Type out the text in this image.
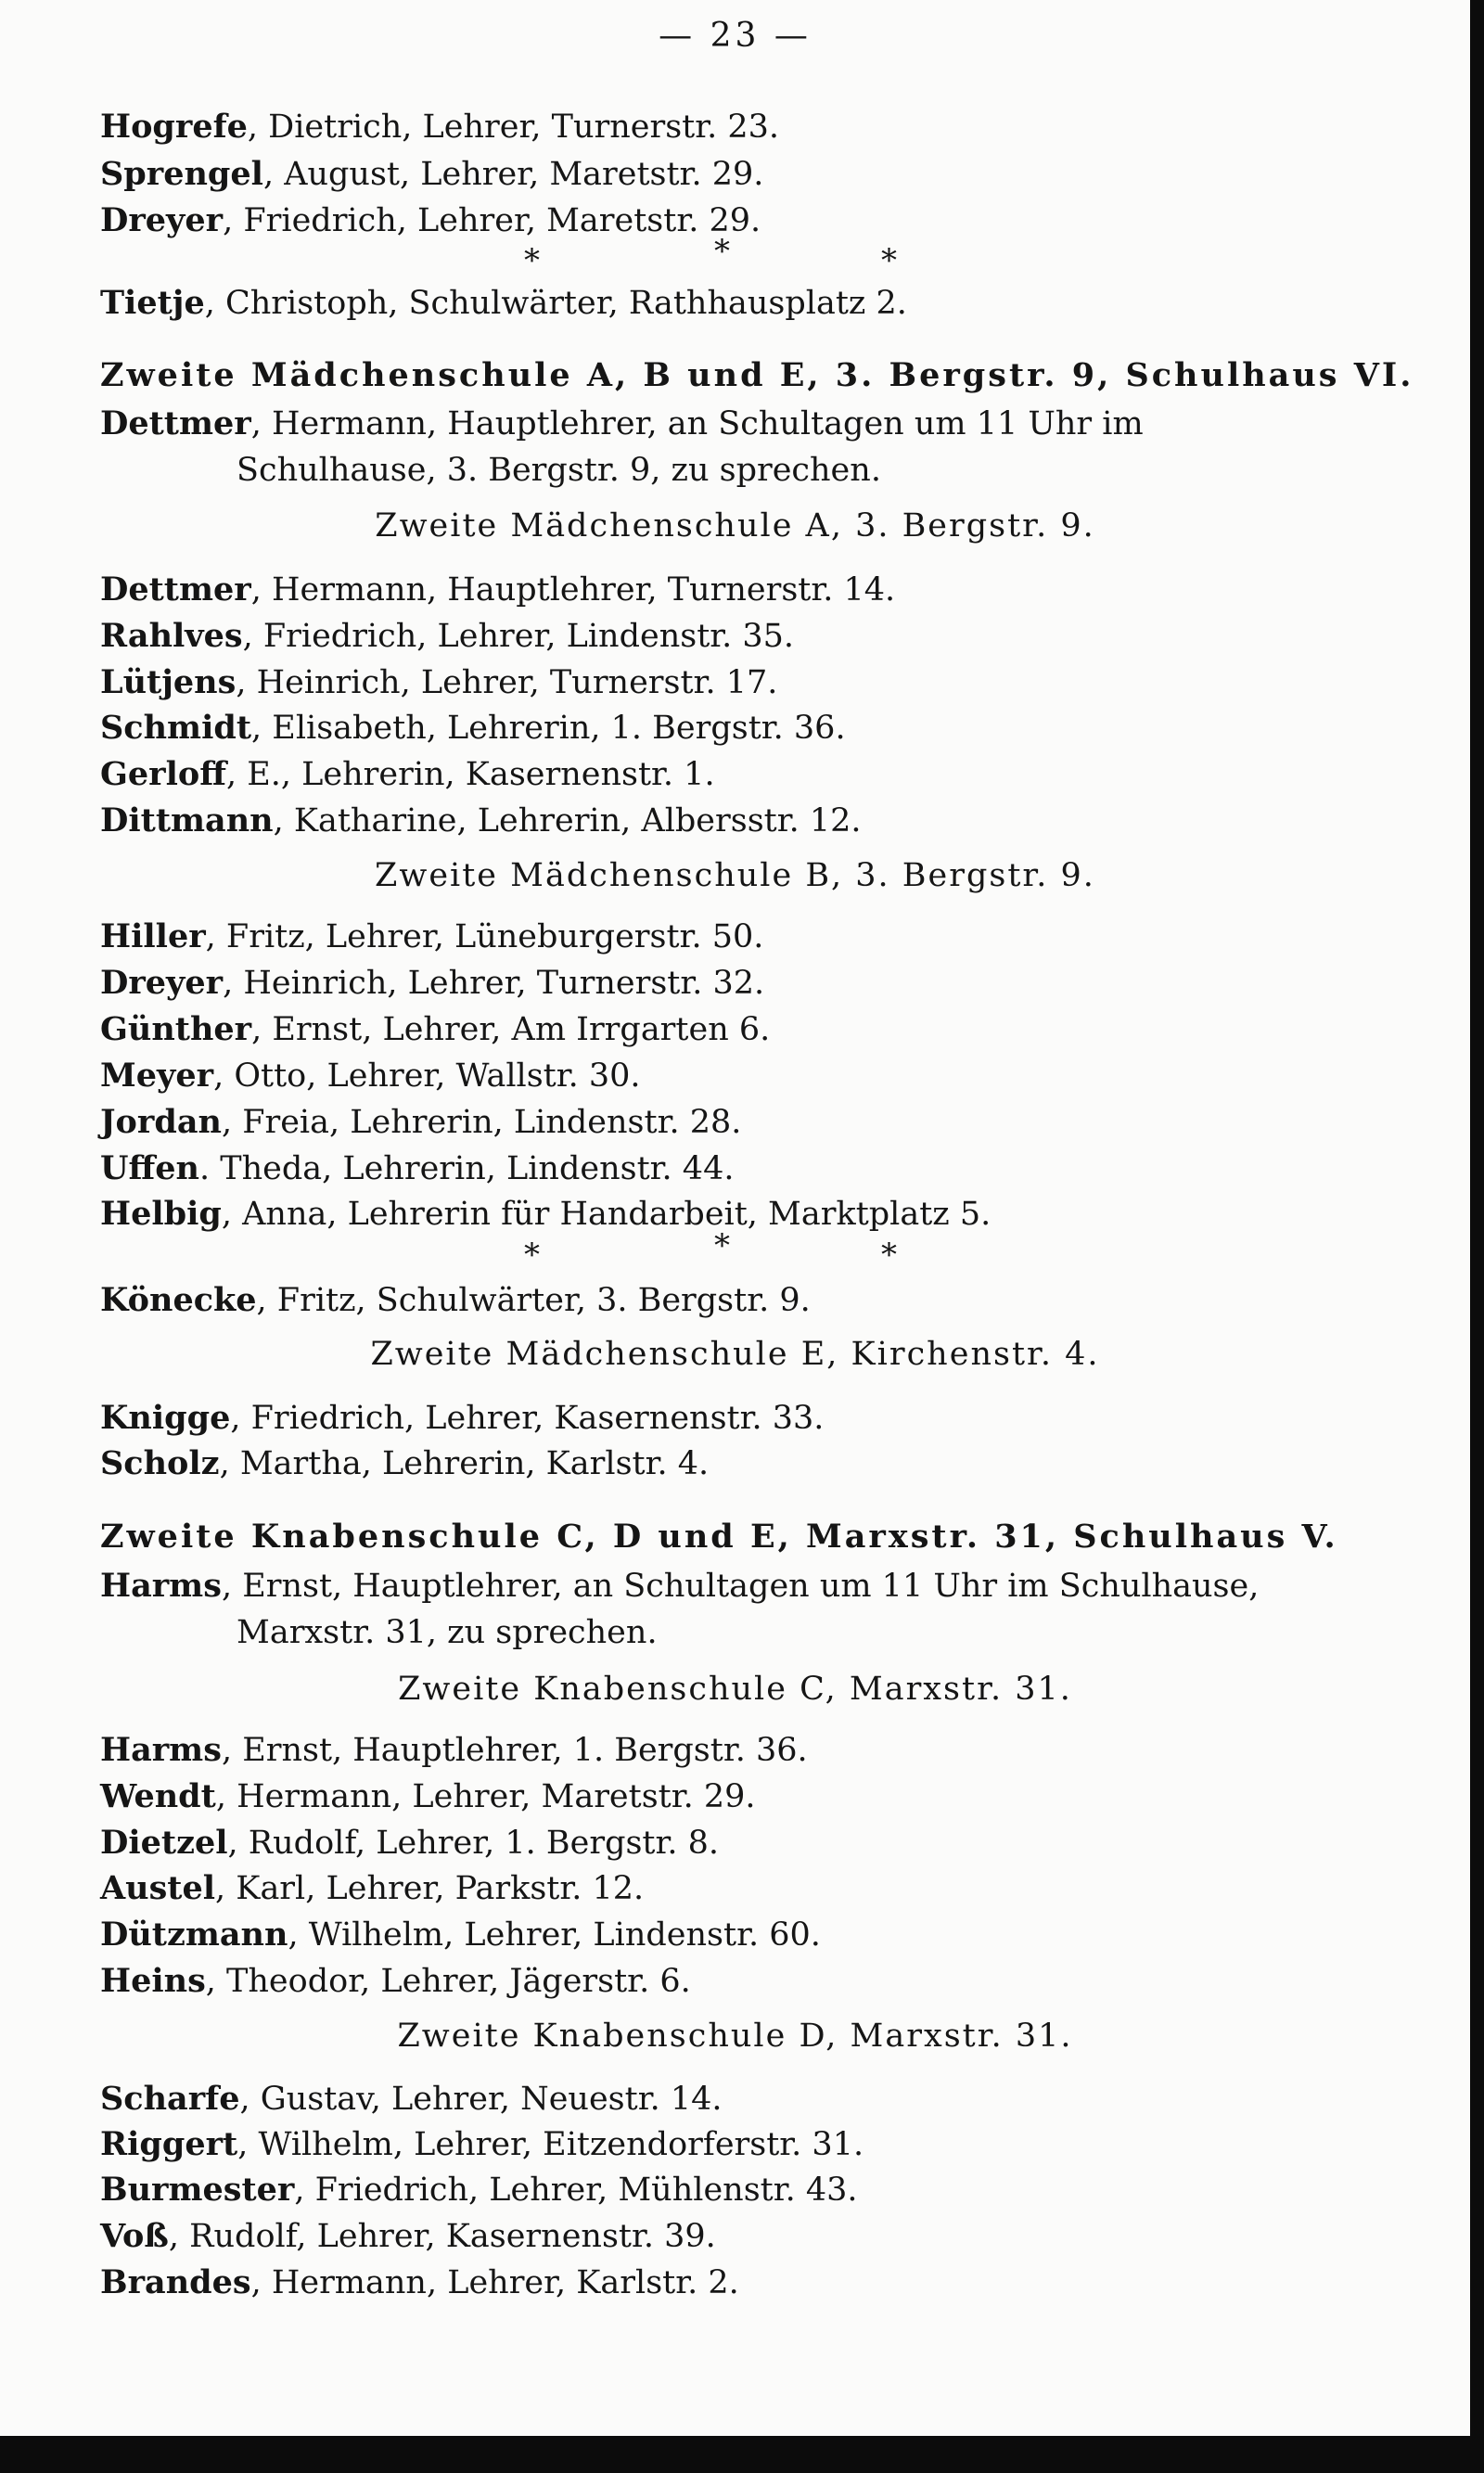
— 23 —
Hogrefe, Dietrich, Lehrer, Turnerstr. 23.
Sprengel, August, Lehrer, Maretstr. 29.
Dreyer, Friedrich, Lehrer, Maretstr. 29.
Tietje, Christoph, Schulwärter, Rathhausplatz 2.
Zweite Mädchenschule A, B und E, 3. Bergstr. 9, Schulhaus VI.
Dettmer, Hermann, Hauptlehrer, an Schultagen um 11 Uhr im
Schulhause, 3. Bergstr. 9, zu sprechen.
Zweite Mädchenschule A, 3. Bergstr. 9.
Dettmer, Hermann, Hauptlehrer, Turnerstr. 14.
Rahlves, Friedrich, Lehrer, Lindenstr. 35.
Lütjens, Heinrich, Lehrer, Turnerstr. 17.
Schmidt, Elisabeth, Lehrerin, 1. Bergstr. 36.
Gerloff, E., Lehrerin, Kasernenstr. 1.
Dittmann, Katharine, Lehrerin, Albersstr. 12.
Zweite Mädchenschule B, 3. Bergstr. 9.
Hiller, Fritz, Lehrer, Lüneburgerstr. 50.
Dreyer, Heinrich, Lehrer, Turnerstr. 32.
Günther, Ernst, Lehrer, Am Irrgarten 6.
Meyer, Otto, Lehrer, Wallstr. 30.
Jordan, Freia, Lehrerin, Lindenstr. 28.
Uffen. Theda, Lehrerin, Lindenstr. 44.
Helbig, Anna, Lehrerin für Handarbeit, Marktplatz 5.
Könecke, Fritz, Schulwärter, 3. Bergstr. 9.
Zweite Mädchenschule E, Kirchenstr. 4.
Knigge, Friedrich, Lehrer, Kasernenstr. 33.
Scholz, Martha, Lehrerin, Karlstr. 4.
Zweite Knabenschule C, D und E, Marxstr. 31, Schulhaus V.
Harms, Ernst, Hauptlehrer, an Schultagen um 11 Uhr im Schulhause,
Marxstr. 31, zu sprechen.
Zweite Knabenschule C, Marxstr. 31.
Harms, Ernst, Hauptlehrer, 1. Bergstr. 36.
Wendt, Hermann, Lehrer, Maretstr. 29.
Dietzel, Rudolf, Lehrer, 1. Bergstr. 8.
Austel, Karl, Lehrer, Parkstr. 12.
Dützmann, Wilhelm, Lehrer, Lindenstr. 60.
Heins, Theodor, Lehrer, Jägerstr. 6.
Zweite Knabenschule D, Marxstr. 31.
Scharfe, Gustav, Lehrer, Neuestr. 14.
Riggert, Wilhelm, Lehrer, Eitzendorferstr. 31.
Burmester, Friedrich, Lehrer, Mühlenstr. 43.
Voß, Rudolf, Lehrer, Kasernenstr. 39.
Brandes, Hermann, Lehrer, Karlstr. 2.
*	*	*
*	*	*
